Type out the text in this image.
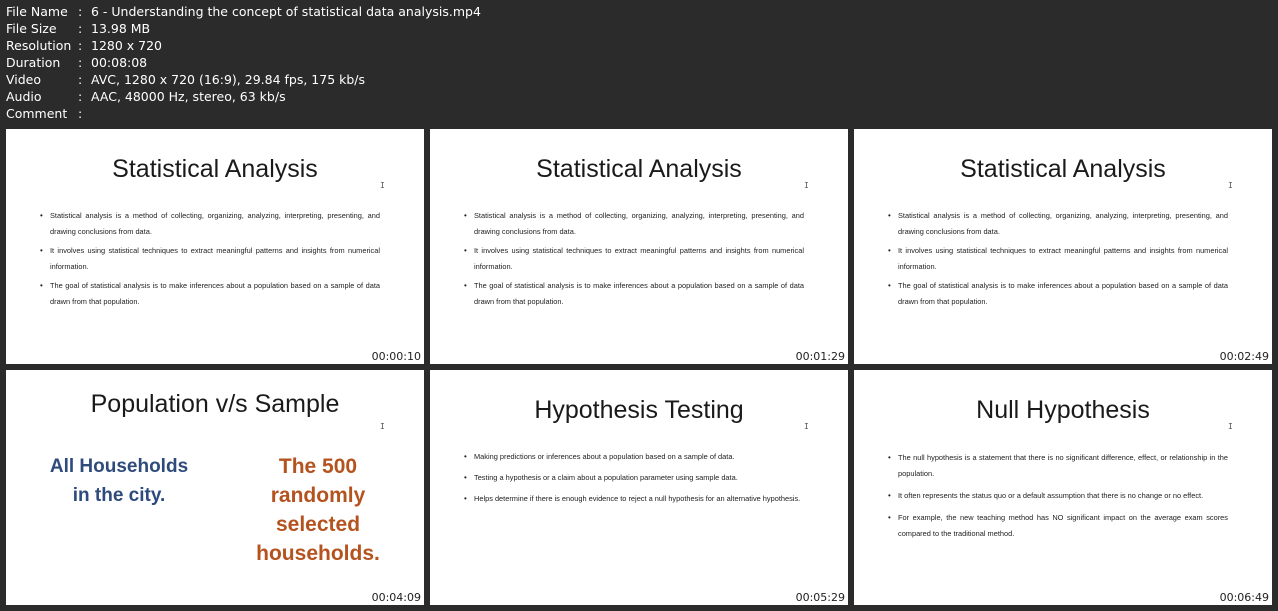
File Name : 6 - Understanding the concept of statistical data analysis.mp4
File Size	: 13.98 MB
Resolution : 1280 x 720
Duration	: 00:08:08
Video	: AVC, 1280 x 720 (16:9), 29.84 fps, 175 kb/s
Audio	: AAC, 48000 Hz, stereo, 63 kb/s
Comment :
Statistical Analysis
I
• Statistical analysis is a method of collecting, organizing, analyzing, interpreting, presenting, and drawing conclusions from data.
• It involves using statistical techniques to extract meaningful patterns and insights from numerical information.
• The goal of statistical analysis is to make inferences about a population based on a sample of data drawn from that population.
00:00:10
Statistical Analysis
I
• Statistical analysis is a method of collecting, organizing, analyzing, interpreting, presenting, and drawing conclusions from data.
• It involves using statistical techniques to extract meaningful patterns and insights from numerical information.
• The goal of statistical analysis is to make inferences about a population based on a sample of data drawn from that population.
00:01:29
Statistical Analysis
I
• Statistical analysis is a method of collecting, organizing, analyzing, interpreting, presenting, and drawing conclusions from data.
• It involves using statistical techniques to extract meaningful patterns and insights from numerical information.
• The goal of statistical analysis is to make inferences about a population based on a sample of data drawn from that population.
00:02:49
Population v/s Sample
I
All Households in the city.
The 500 randomly selected households.
00:04:09
Hypothesis Testing
I
• Making predictions or inferences about a population based on a sample of data.
• Testing a hypothesis or a claim about a population parameter using sample data.
• Helps determine if there is enough evidence to reject a null hypothesis for an alternative hypothesis.
00:05:29
Null Hypothesis
I
• The null hypothesis is a statement that there is no significant difference, effect, or relationship in the population.
• It often represents the status quo or a default assumption that there is no change or no effect.
• For example, the new teaching method has NO significant impact on the average exam scores compared to the traditional method.
00:06:49
